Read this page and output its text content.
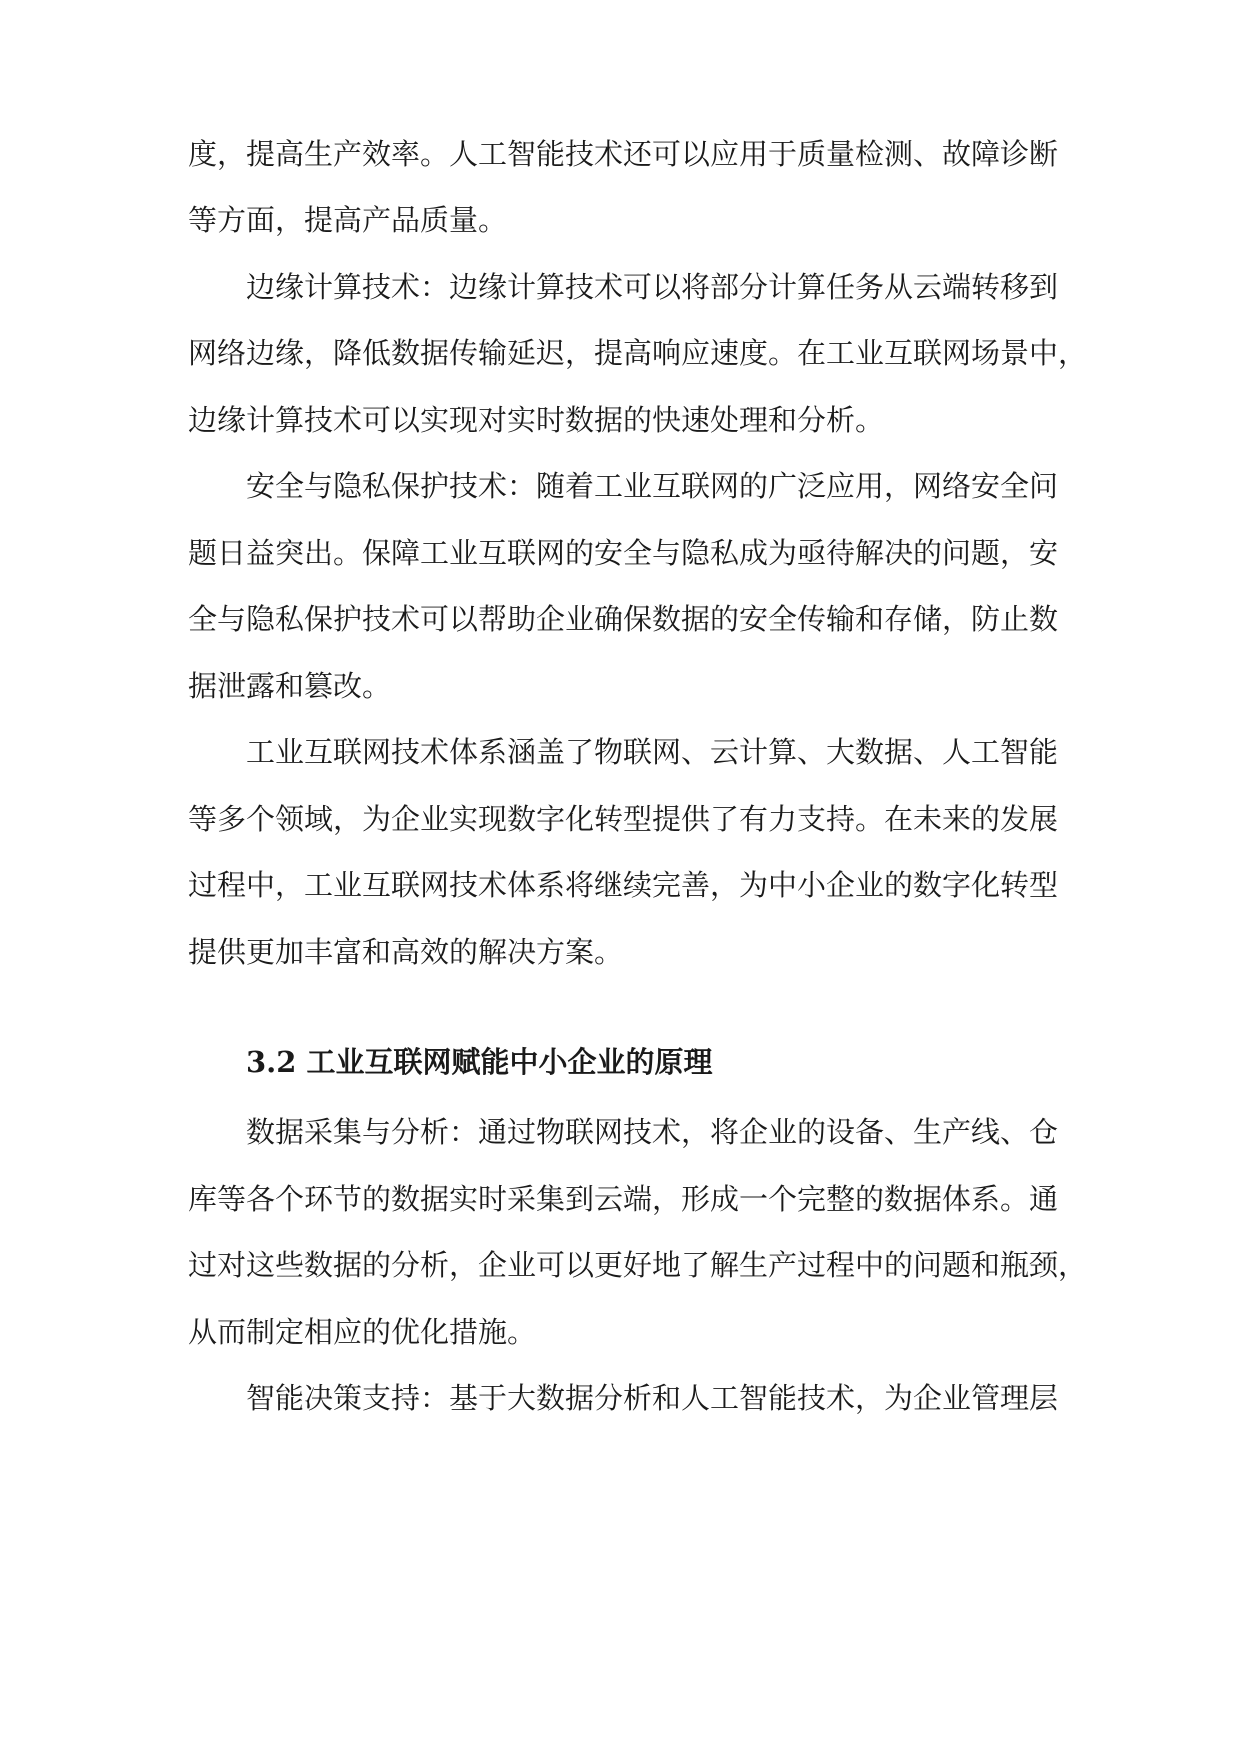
度，提高生产效率。人工智能技术还可以应用于质量检测、故障诊断
等方面，提高产品质量。
边缘计算技术：边缘计算技术可以将部分计算任务从云端转移到
网络边缘，降低数据传输延迟，提高响应速度。在工业互联网场景中，
边缘计算技术可以实现对实时数据的快速处理和分析。
安全与隐私保护技术：随着工业互联网的广泛应用，网络安全问
题日益突出。保障工业互联网的安全与隐私成为亟待解决的问题，安
全与隐私保护技术可以帮助企业确保数据的安全传输和存储，防止数
据泄露和篡改。
工业互联网技术体系涵盖了物联网、云计算、大数据、人工智能
等多个领域，为企业实现数字化转型提供了有力支持。在未来的发展
过程中，工业互联网技术体系将继续完善，为中小企业的数字化转型
提供更加丰富和高效的解决方案。
3.2 工业互联网赋能中小企业的原理
数据采集与分析：通过物联网技术，将企业的设备、生产线、仓
库等各个环节的数据实时采集到云端，形成一个完整的数据体系。通
过对这些数据的分析，企业可以更好地了解生产过程中的问题和瓶颈，
从而制定相应的优化措施。
智能决策支持：基于大数据分析和人工智能技术，为企业管理层
